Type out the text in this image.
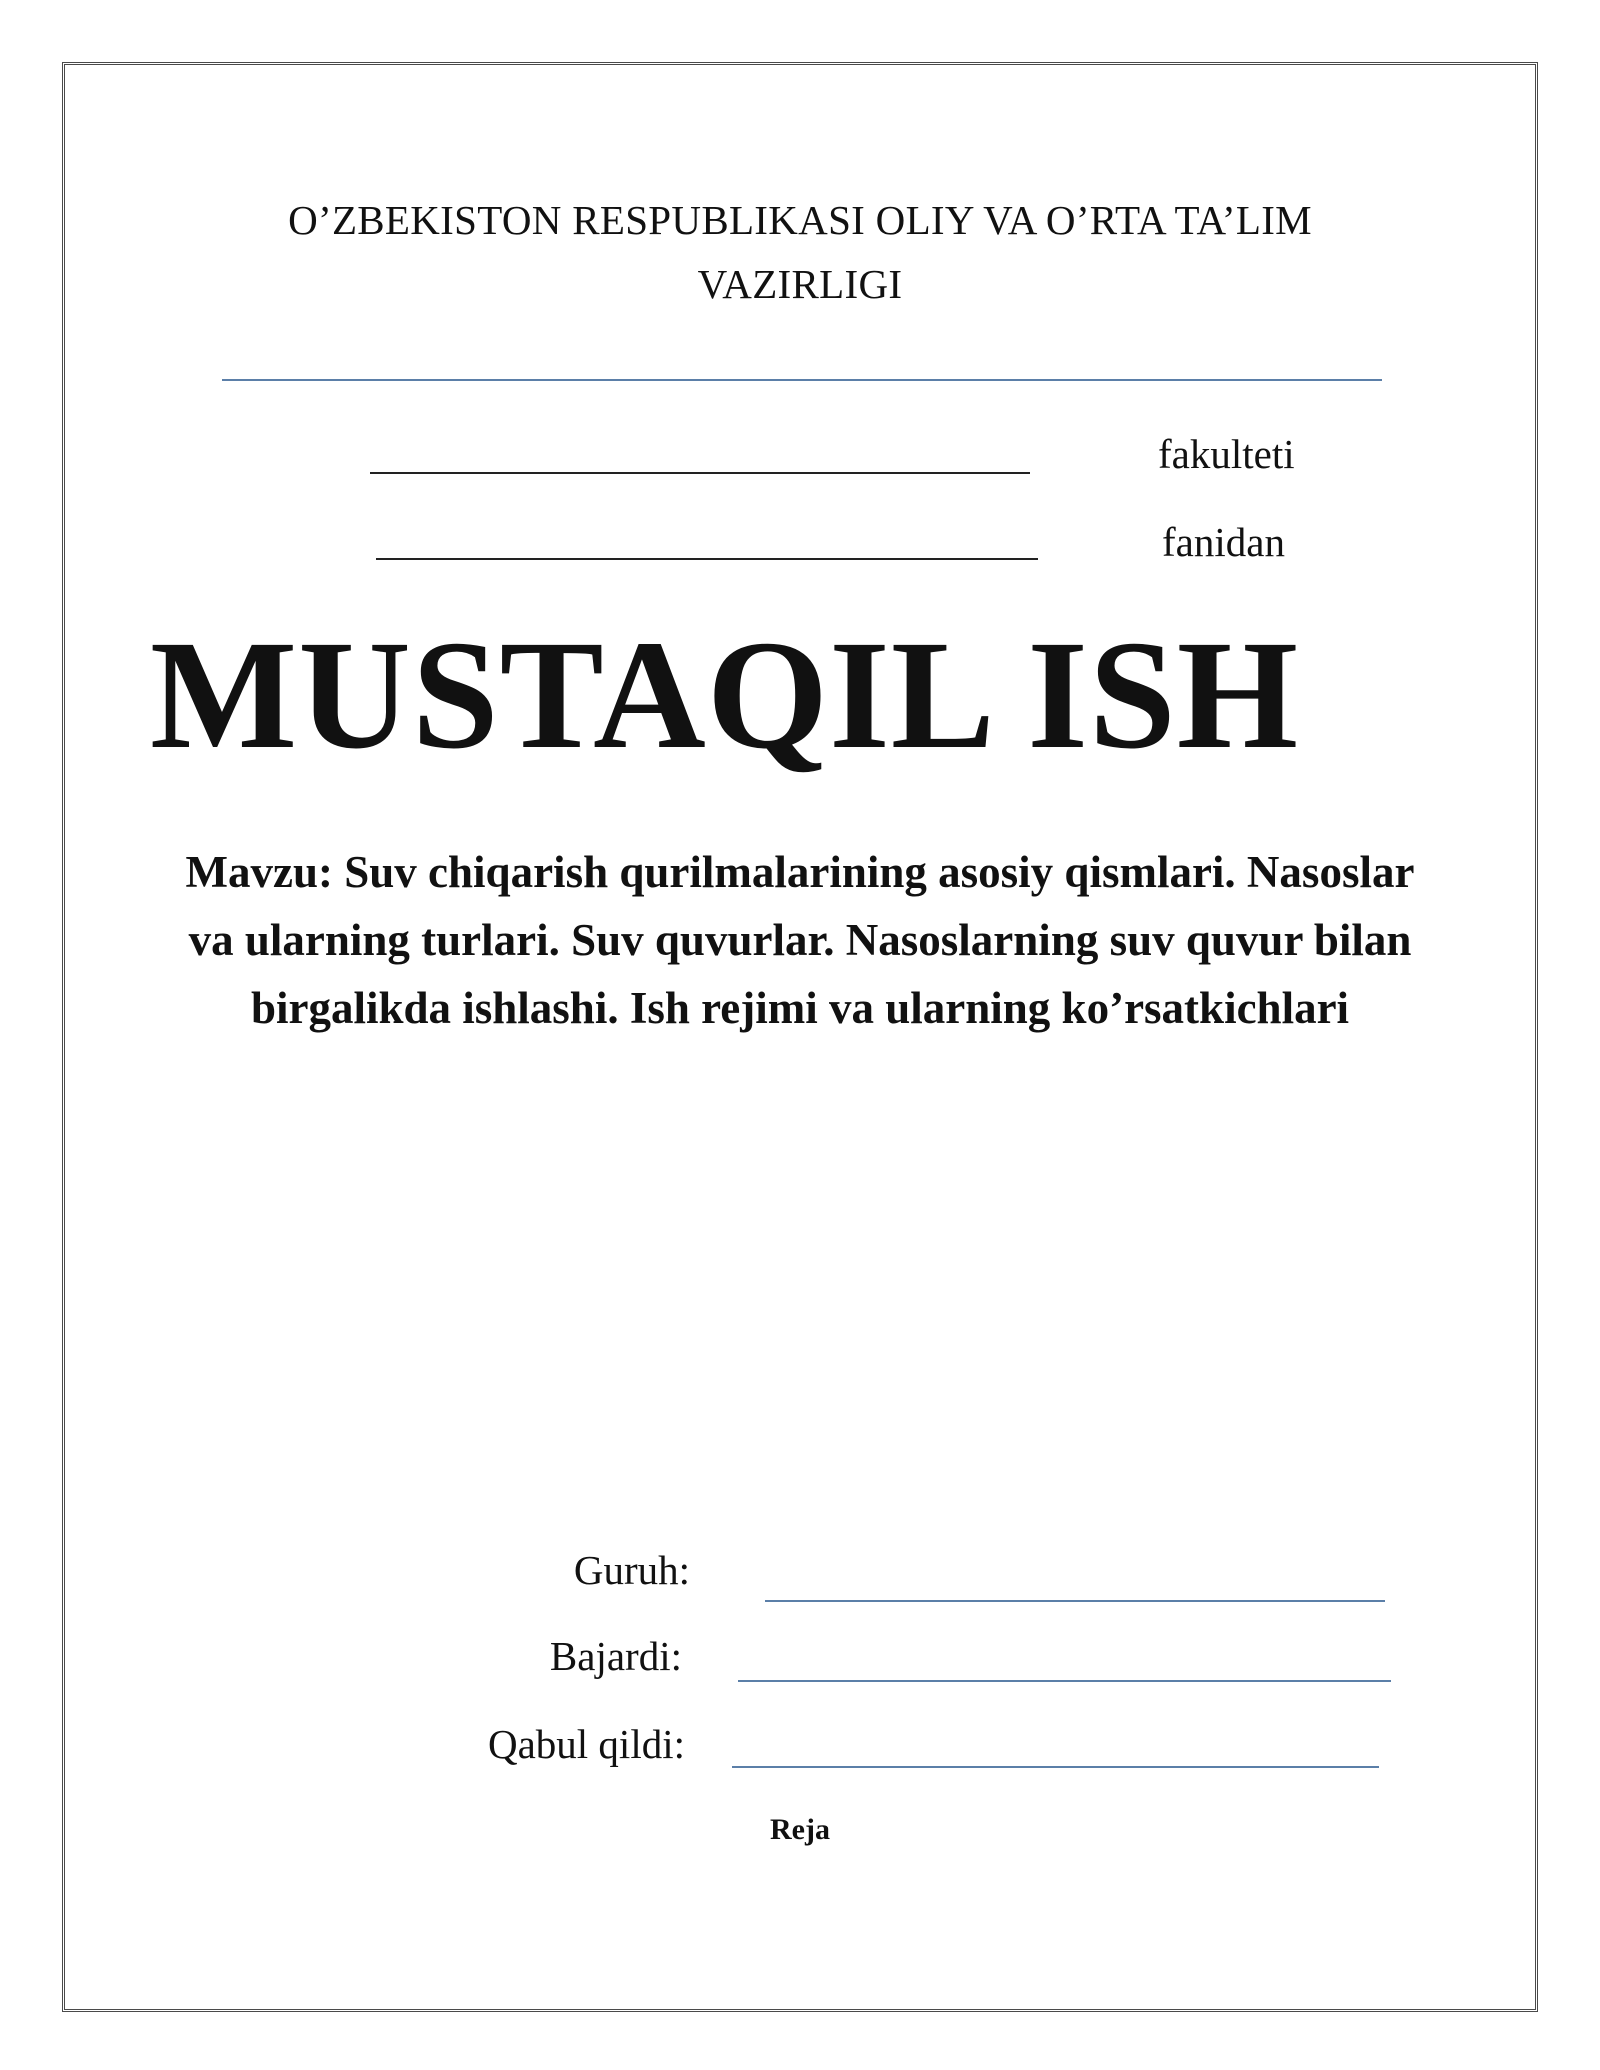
O’ZBEKISTON RESPUBLIKASI OLIY VA O’RTA TA’LIM
VAZIRLIGI
fakulteti
fanidan
MUSTAQIL ISH
Mavzu: Suv chiqarish qurilmalarining asosiy qismlari. Nasoslar va ularning turlari. Suv quvurlar. Nasoslarning suv quvur bilan birgalikda ishlashi. Ish rejimi va ularning ko’rsatkichlari
Guruh:
Bajardi:
Qabul qildi:
Reja
